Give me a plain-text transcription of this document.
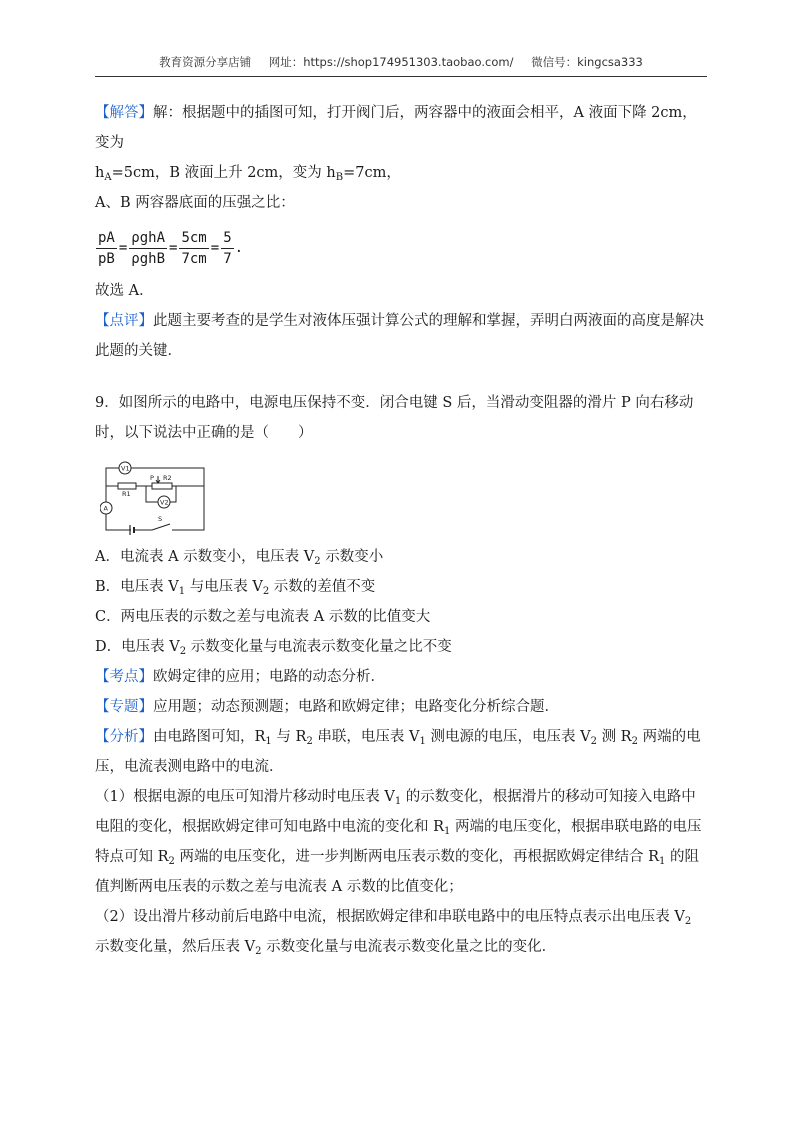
教育资源分享店铺 网址：https://shop174951303.taobao.com/ 微信号：kingcsa333

【解答】解：根据题中的插图可知，打开阀门后，两容器中的液面会相平，A 液面下降 2cm，变为

$h_A=5cm$，B 液面上升 2cm，变为 $h_B=7cm$，

A、B 两容器底面的压强之比：

$\frac{pA}{pB} = \frac{\text{ρghA}}{\text{ρghB}} = \frac{5cm}{7cm} = \frac{5}{7}$ .

故选 A．

【点评】此题主要考查的是学生对液体压强计算公式的理解和掌握，弄明白两液面的高度是解决此题的关键．

9．如图所示的电路中，电源电压保持不变．闭合电键 S 后，当滑动变阻器的滑片 P 向右移动时，以下说法中正确的是（　　）

V1
R1
R2
P
V2
A
S

A．电流表 A 示数变小，电压表 $V_2$ 示数变小

B．电压表 $V_1$ 与电压表 $V_2$ 示数的差值不变

C．两电压表的示数之差与电流表 A 示数的比值变大

D．电压表 $V_2$ 示数变化量与电流表示数变化量之比不变

【考点】欧姆定律的应用；电路的动态分析．

【专题】应用题；动态预测题；电路和欧姆定律；电路变化分析综合题．

【分析】由电路图可知，$R_1$ 与 $R_2$ 串联，电压表 $V_1$ 测电源的电压，电压表 $V_2$ 测 $R_2$ 两端的电压，电流表测电路中的电流．

（1）根据电源的电压可知滑片移动时电压表 $V_1$ 的示数变化，根据滑片的移动可知接入电路中电阻的变化，根据欧姆定律可知电路中电流的变化和 $R_1$ 两端的电压变化，根据串联电路的电压特点可知 $R_2$ 两端的电压变化，进一步判断两电压表示数的变化，再根据欧姆定律结合 $R_1$ 的阻值判断两电压表的示数之差与电流表 A 示数的比值变化；

（2）设出滑片移动前后电路中电流，根据欧姆定律和串联电路中的电压特点表示出电压表 $V_2$ 示数变化量，然后压表 $V_2$ 示数变化量与电流表示数变化量之比的变化．
